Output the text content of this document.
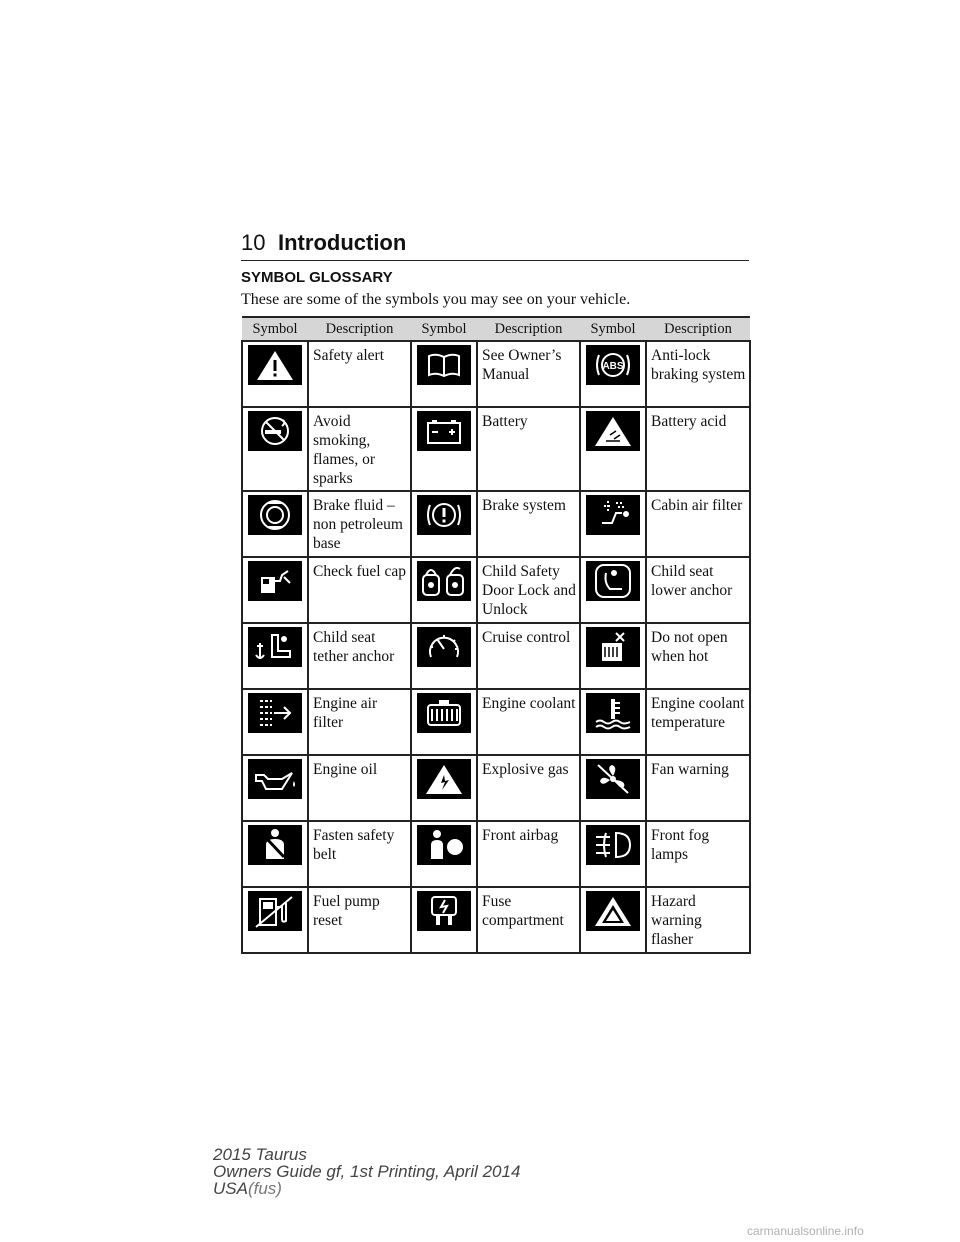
10 Introduction
SYMBOL GLOSSARY
These are some of the symbols you may see on your vehicle.
Symbol	Description	Symbol	Description	Symbol	Description

	Safety alert		See Owner’s Manual	ABS	Anti-lock braking system

	Avoid smoking, flames, or sparks		Battery		Battery acid

	Brake fluid – non petroleum base		Brake system		Cabin air filter

	Check fuel cap		Child Safety Door Lock and Unlock		Child seat lower anchor

	Child seat tether anchor		Cruise control		Do not open when hot

	Engine air filter		Engine coolant		Engine coolant temperature

	Engine oil		Explosive gas		Fan warning

	Fasten safety belt		Front airbag		Front fog lamps

	Fuel pump reset		Fuse compartment		Hazard warning flasher
2015 Taurus
Owners Guide gf, 1st Printing, April 2014
USA(fus)
carmanualsonline.info
